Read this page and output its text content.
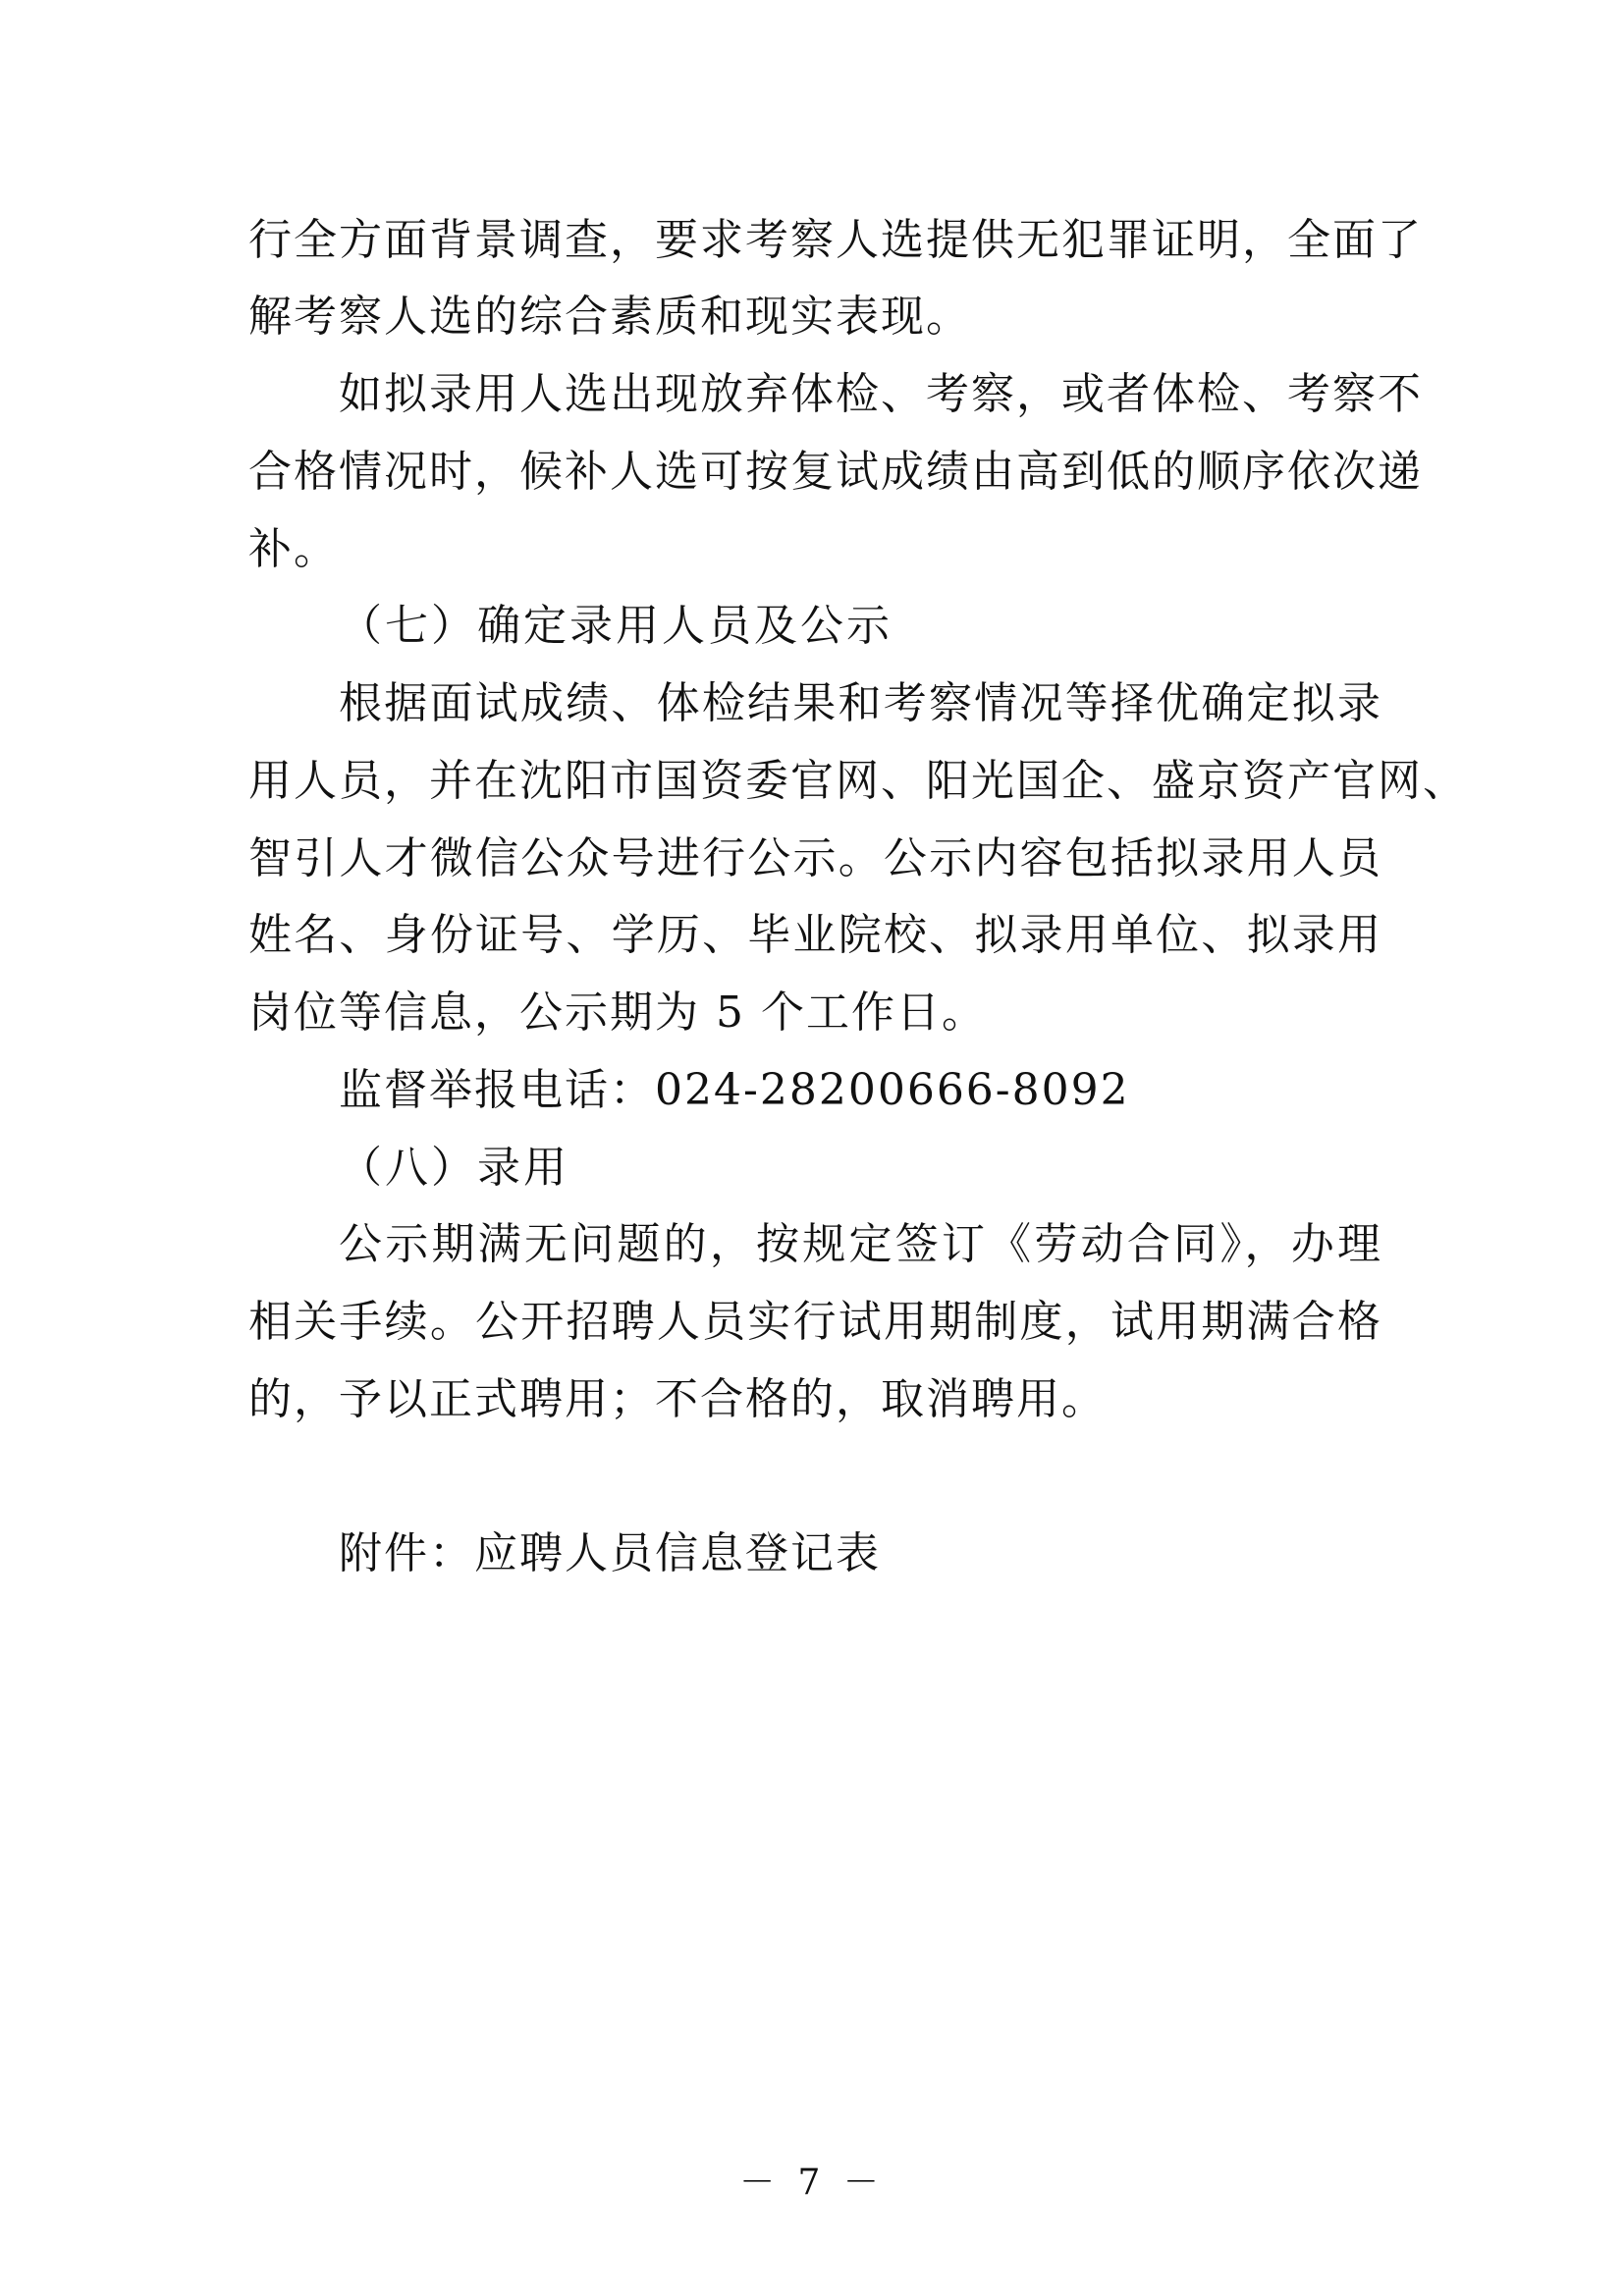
行全方面背景调查，要求考察人选提供无犯罪证明，全面了
解考察人选的综合素质和现实表现。
如拟录用人选出现放弃体检、考察，或者体检、考察不
合格情况时，候补人选可按复试成绩由高到低的顺序依次递
补。
（七）确定录用人员及公示
根据面试成绩、体检结果和考察情况等择优确定拟录
用人员，并在沈阳市国资委官网、阳光国企、盛京资产官网、
智引人才微信公众号进行公示。公示内容包括拟录用人员
姓名、身份证号、学历、毕业院校、拟录用单位、拟录用
岗位等信息，公示期为 5 个工作日。
监督举报电话：024-28200666-8092
（八）录用
公示期满无问题的，按规定签订《劳动合同》，办理
相关手续。公开招聘人员实行试用期制度，试用期满合格
的，予以正式聘用；不合格的，取消聘用。
附件：应聘人员信息登记表
－ 7 －
